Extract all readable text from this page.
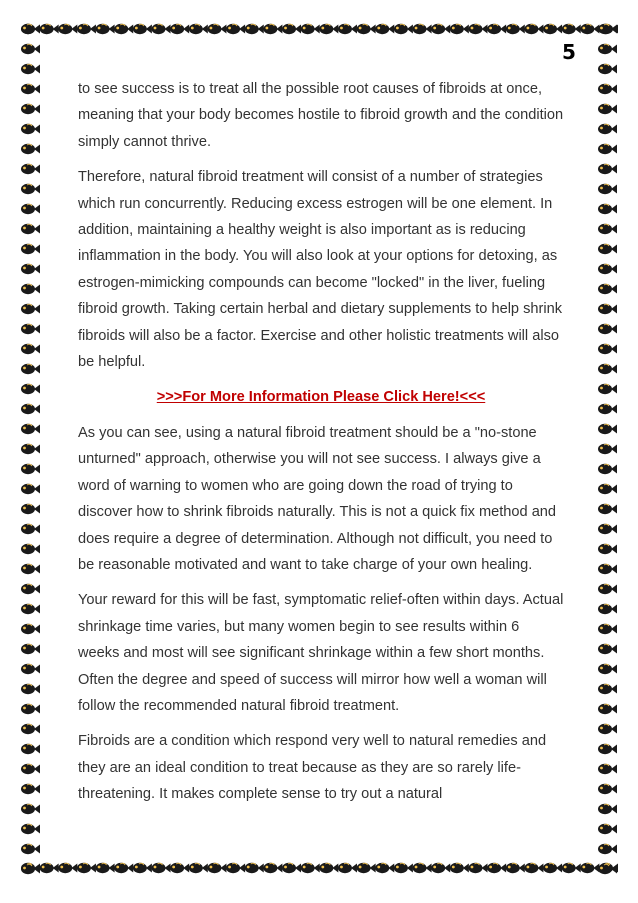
5

to see success is to treat all the possible root causes of fibroids at once, meaning that your body becomes hostile to fibroid growth and the condition simply cannot thrive.

Therefore, natural fibroid treatment will consist of a number of strategies which run concurrently. Reducing excess estrogen will be one element. In addition, maintaining a healthy weight is also important as is reducing inflammation in the body. You will also look at your options for detoxing, as estrogen-mimicking compounds can become "locked" in the liver, fueling fibroid growth. Taking certain herbal and dietary supplements to help shrink fibroids will also be a factor. Exercise and other holistic treatments will also be helpful.

>>>For More Information Please Click Here!<<<

As you can see, using a natural fibroid treatment should be a "no-stone unturned" approach, otherwise you will not see success. I always give a word of warning to women who are going down the road of trying to discover how to shrink fibroids naturally. This is not a quick fix method and does require a degree of determination. Although not difficult, you need to be reasonable motivated and want to take charge of your own healing.

Your reward for this will be fast, symptomatic relief-often within days. Actual shrinkage time varies, but many women begin to see results within 6 weeks and most will see significant shrinkage within a few short months. Often the degree and speed of success will mirror how well a woman will follow the recommended natural fibroid treatment.

Fibroids are a condition which respond very well to natural remedies and they are an ideal condition to treat because as they are so rarely life-threatening. It makes complete sense to try out a natural
